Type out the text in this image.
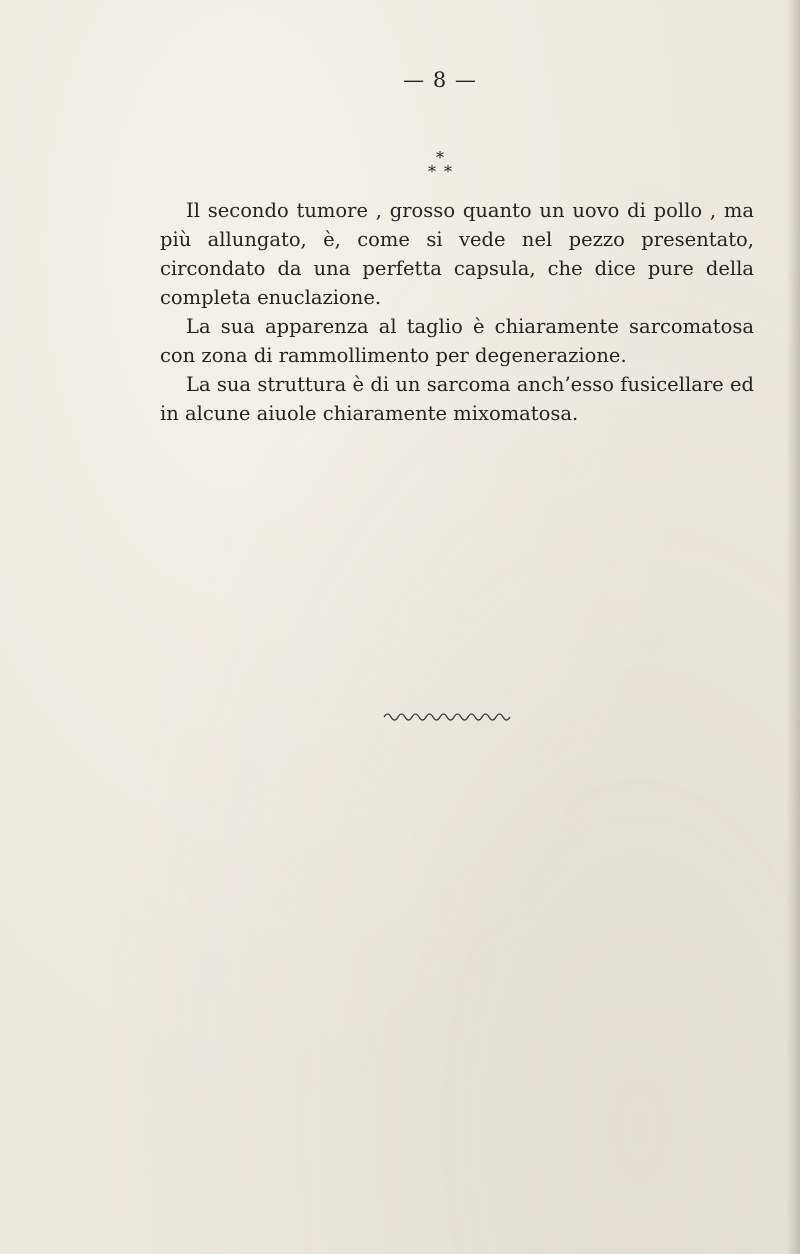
— 8 —
*
* *

Il secondo tumore , grosso quanto un uovo di pollo , ma più allungato, è, come si vede nel pezzo presentato, circondato da una perfetta capsula, che dice pure della completa enuclazione.

La sua apparenza al taglio è chiaramente sarcomatosa con zona di rammollimento per degenerazione.

La sua struttura è di un sarcoma anch’esso fusicellare ed in alcune aiuole chiaramente mixomatosa.
